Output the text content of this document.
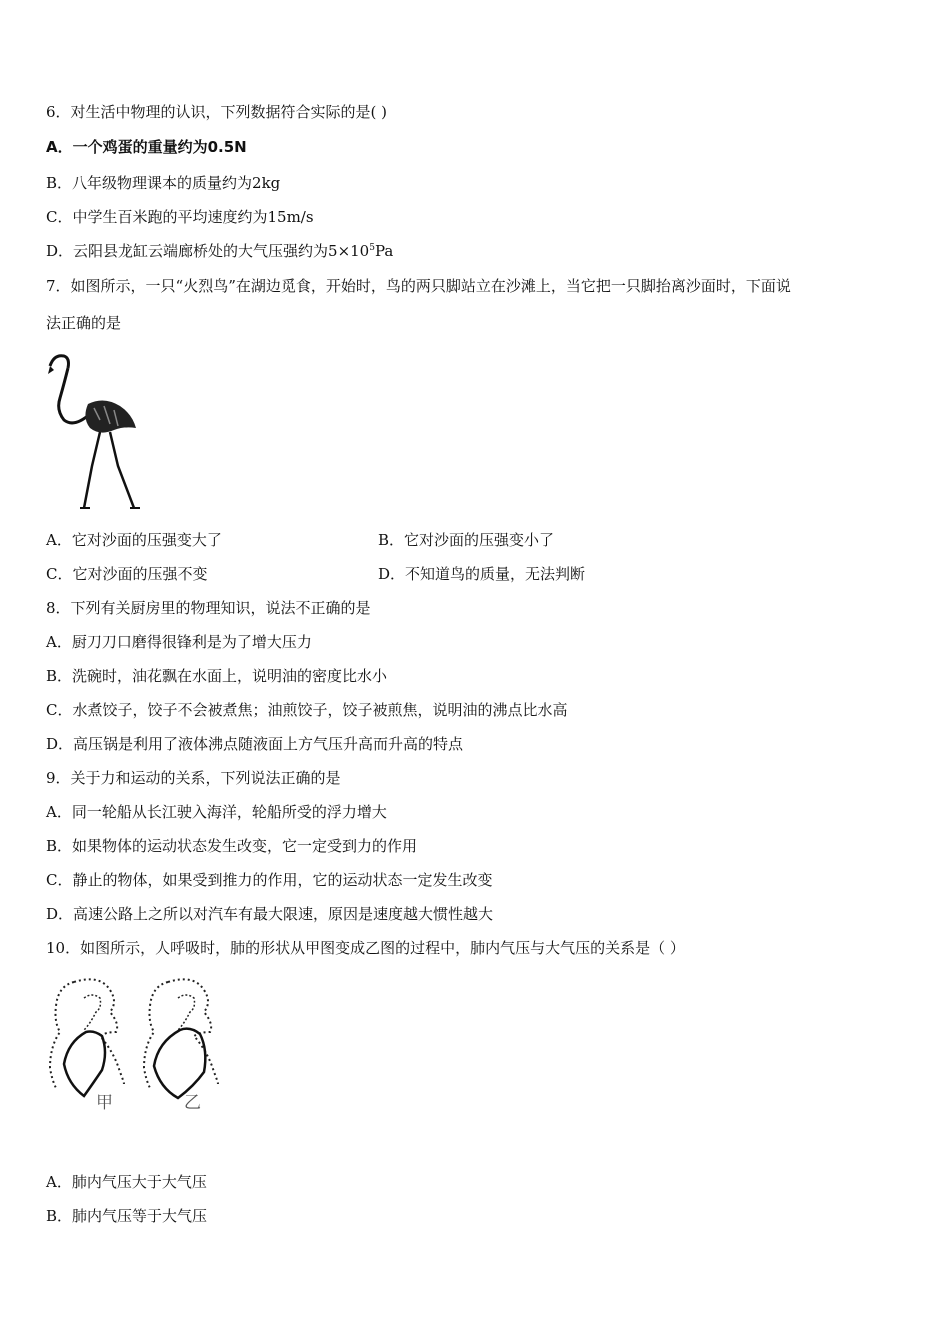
6．对生活中物理的认识，下列数据符合实际的是( )
A．一个鸡蛋的重量约为0.5N
B．八年级物理课本的质量约为2kg
C．中学生百米跑的平均速度约为15m/s
D．云阳县龙缸云端廊桥处的大气压强约为$5\times 10^5Pa$
7．如图所示，一只“火烈鸟”在湖边觅食，开始时，鸟的两只脚站立在沙滩上，当它把一只脚抬离沙面时，下面说
法正确的是
A．它对沙面的压强变大了	B．它对沙面的压强变小了
C．它对沙面的压强不变	D．不知道鸟的质量，无法判断
8．下列有关厨房里的物理知识，说法不正确的是
A．厨刀刀口磨得很锋利是为了增大压力
B．洗碗时，油花飘在水面上，说明油的密度比水小
C．水煮饺子，饺子不会被煮焦；油煎饺子，饺子被煎焦，说明油的沸点比水高
D．高压锅是利用了液体沸点随液面上方气压升高而升高的特点
9．关于力和运动的关系，下列说法正确的是
A．同一轮船从长江驶入海洋，轮船所受的浮力增大
B．如果物体的运动状态发生改变，它一定受到力的作用
C．静止的物体，如果受到推力的作用，它的运动状态一定发生改变
D．高速公路上之所以对汽车有最大限速，原因是速度越大惯性越大
10．如图所示，人呼吸时，肺的形状从甲图变成乙图的过程中，肺内气压与大气压的关系是（ ）
甲	乙
A．肺内气压大于大气压
B．肺内气压等于大气压
